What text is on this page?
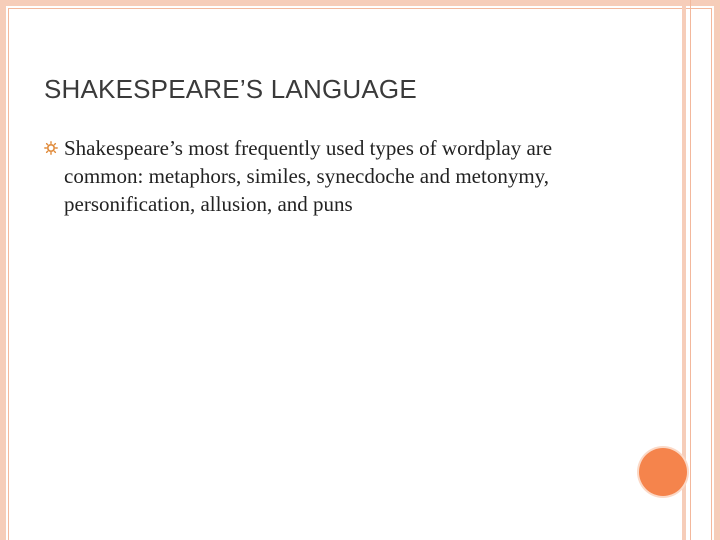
SHAKESPEARE’S LANGUAGE
Shakespeare’s most frequently used types of wordplay are common: metaphors, similes, synecdoche and metonymy, personification, allusion, and puns
